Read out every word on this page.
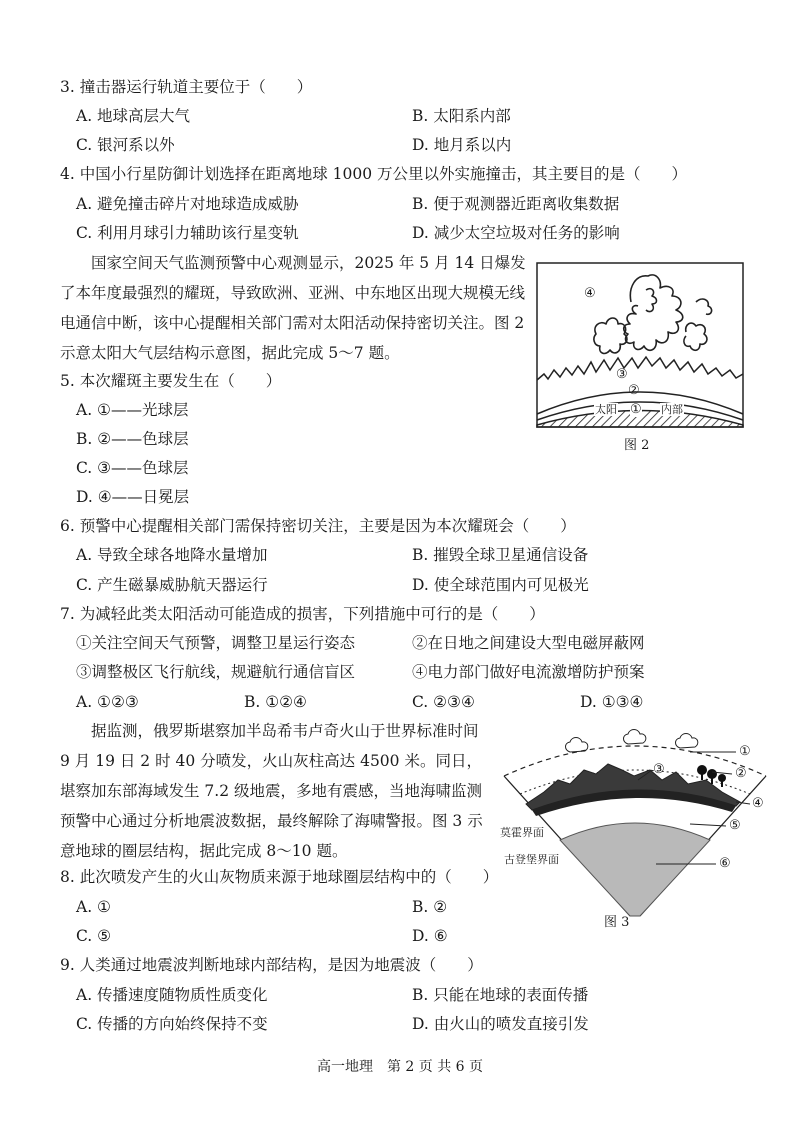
3. 撞击器运行轨道主要位于（　　）
A. 地球高层大气	B. 太阳系内部
C. 银河系以外	D. 地月系以内
4. 中国小行星防御计划选择在距离地球 1000 万公里以外实施撞击，其主要目的是（　　）
A. 避免撞击碎片对地球造成威胁	B. 便于观测器近距离收集数据
C. 利用月球引力辅助该行星变轨	D. 减少太空垃圾对任务的影响
国家空间天气监测预警中心观测显示，2025 年 5 月 14 日爆发了本年度最强烈的耀斑，导致欧洲、亚洲、中东地区出现大规模无线电通信中断，该中心提醒相关部门需对太阳活动保持密切关注。图 2 示意太阳大气层结构示意图，据此完成 5～7 题。
④
③
②
太阳 ① 内部
图 2
5. 本次耀斑主要发生在（　　）
A. ①——光球层
B. ②——色球层
C. ③——色球层
D. ④——日冕层
6. 预警中心提醒相关部门需保持密切关注，主要是因为本次耀斑会（　　）
A. 导致全球各地降水量增加	B. 摧毁全球卫星通信设备
C. 产生磁暴威胁航天器运行	D. 使全球范围内可见极光
7. 为减轻此类太阳活动可能造成的损害，下列措施中可行的是（　　）
①关注空间天气预警，调整卫星运行姿态	②在日地之间建设大型电磁屏蔽网
③调整极区飞行航线，规避航行通信盲区	④电力部门做好电流激增防护预案
A. ①②③	B. ①②④	C. ②③④	D. ①③④
据监测，俄罗斯堪察加半岛希韦卢奇火山于世界标准时间 9 月 19 日 2 时 40 分喷发，火山灰柱高达 4500 米。同日，堪察加东部海域发生 7.2 级地震，多地有震感，当地海啸监测预警中心通过分析地震波数据，最终解除了海啸警报。图 3 示意地球的圈层结构，据此完成 8～10 题。
①
②
③
④
⑤
⑥
莫霍界面
古登堡界面
图 3
8. 此次喷发产生的火山灰物质来源于地球圈层结构中的（　　）
A. ①	B. ②
C. ⑤	D. ⑥
9. 人类通过地震波判断地球内部结构，是因为地震波（　　）
A. 传播速度随物质性质变化	B. 只能在地球的表面传播
C. 传播的方向始终保持不变	D. 由火山的喷发直接引发
高一地理　第 2 页 共 6 页
